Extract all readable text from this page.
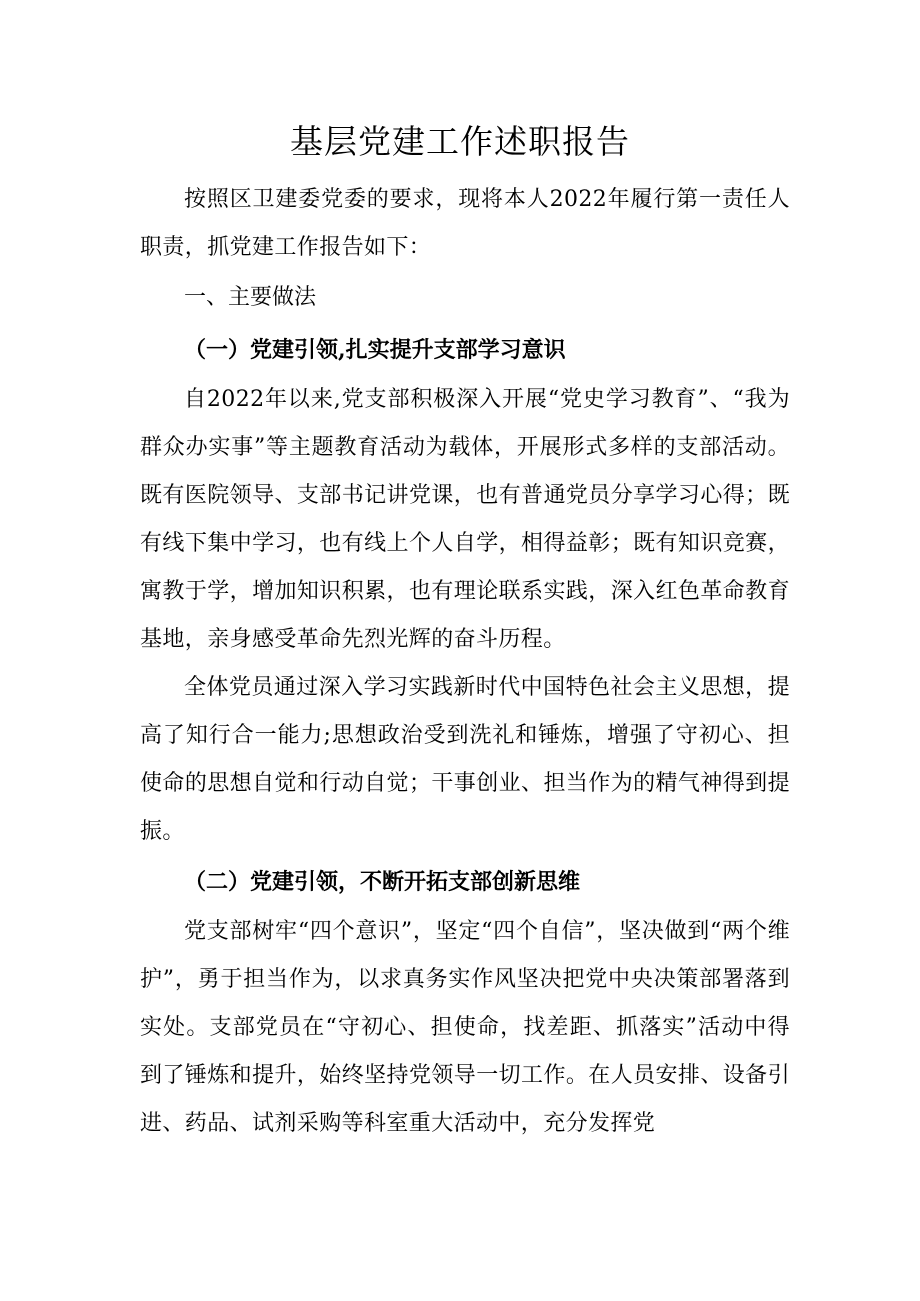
基层党建工作述职报告

按照区卫建委党委的要求，现将本人2022年履行第一责任人职责，抓党建工作报告如下：

一、主要做法

（一）党建引领,扎实提升支部学习意识

自2022年以来,党支部积极深入开展“党史学习教育”、“我为群众办实事”等主题教育活动为载体，开展形式多样的支部活动。既有医院领导、支部书记讲党课，也有普通党员分享学习心得；既有线下集中学习，也有线上个人自学，相得益彰；既有知识竞赛，寓教于学，增加知识积累，也有理论联系实践，深入红色革命教育基地，亲身感受革命先烈光辉的奋斗历程。

全体党员通过深入学习实践新时代中国特色社会主义思想，提高了知行合一能力;思想政治受到洗礼和锤炼，增强了守初心、担使命的思想自觉和行动自觉；干事创业、担当作为的精气神得到提振。

（二）党建引领，不断开拓支部创新思维

党支部树牢“四个意识”，坚定“四个自信”，坚决做到“两个维护”，勇于担当作为，以求真务实作风坚决把党中央决策部署落到实处。支部党员在“守初心、担使命，找差距、抓落实”活动中得到了锤炼和提升，始终坚持党领导一切工作。在人员安排、设备引进、药品、试剂采购等科室重大活动中，充分发挥党
